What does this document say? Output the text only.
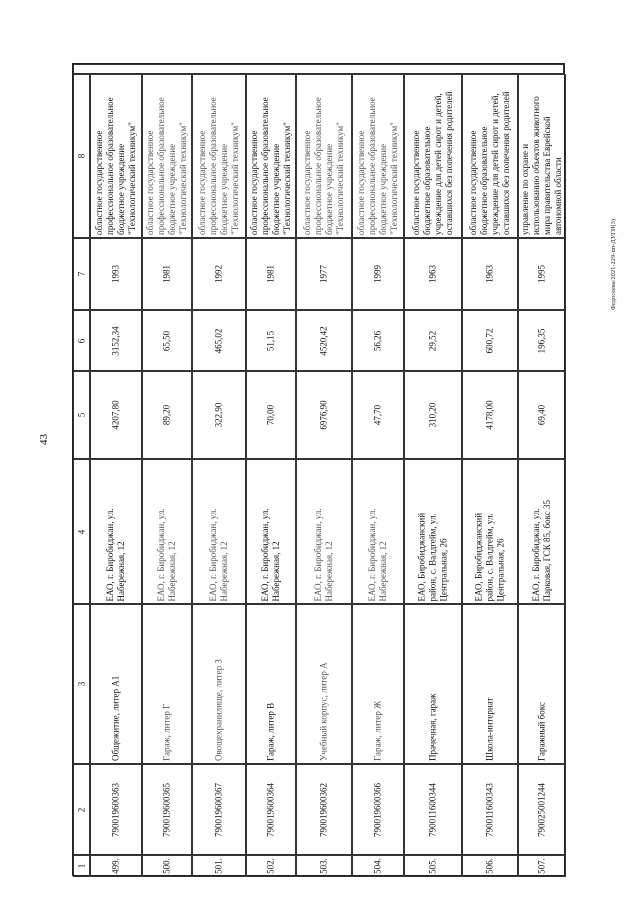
43
1
2
3
4
5
6
7
8
499.
790019600363
Общежитие, литер А1
ЕАО, г. Биробиджан, ул.
Набережная, 12
4207,80
3152,34
1993
областное государственное
профессиональное образовательное
бюджетное учреждение
"Технологический техникум"
500.
790019600365
Гараж, литер Г
ЕАО, г. Биробиджан, ул.
Набережная, 12
89,20
65,50
1981
областное государственное
профессиональное образовательное
бюджетное учреждение
"Технологический техникум"
501.
790019600367
Овощехранилище, литер З
ЕАО, г. Биробиджан, ул.
Набережная, 12
322,90
465,02
1992
областное государственное
профессиональное образовательное
бюджетное учреждение
"Технологический техникум"
502.
790019600364
Гараж, литер В
ЕАО, г. Биробиджан, ул.
Набережная, 12
70,00
51,15
1981
областное государственное
профессиональное образовательное
бюджетное учреждение
"Технологический техникум"
503.
790019600362
Учебный корпус, литер А
ЕАО, г. Биробиджан, ул.
Набережная, 12
6976,90
4520,42
1977
областное государственное
профессиональное образовательное
бюджетное учреждение
"Технологический техникум"
504.
790019600366
Гараж, литер Ж
ЕАО, г. Биробиджан, ул.
Набережная, 12
47,70
56,26
1999
областное государственное
профессиональное образовательное
бюджетное учреждение
"Технологический техникум"
505.
790011600344
Прачечная, гараж
ЕАО, Биробиджанский
район, с. Валдгейм, ул.
Центральная, 26
310,20
29,52
1963
областное государственное
бюджетное образовательное
учреждение для детей сирот и детей,
оставшихся без попечения родителей
506.
790011600343
Школа-интернат
ЕАО, Биробиджанский
район, с. Валдгейм, ул.
Центральная, 26
4178,00
600,72
1963
областное государственное
бюджетное образовательное
учреждение для детей сирот и детей,
оставшихся без попечения родителей
507.
790025001244
Гаражный бокс
ЕАО, г. Биробиджан, ул.
Парковая, ГСК 85, бокс 35
69,40
196,35
1995
управление по охране и
использованию объектов животного
мира правительства Еврейской
автономной области
Федосеева/2021-229-пп-ДУГИ(3)
